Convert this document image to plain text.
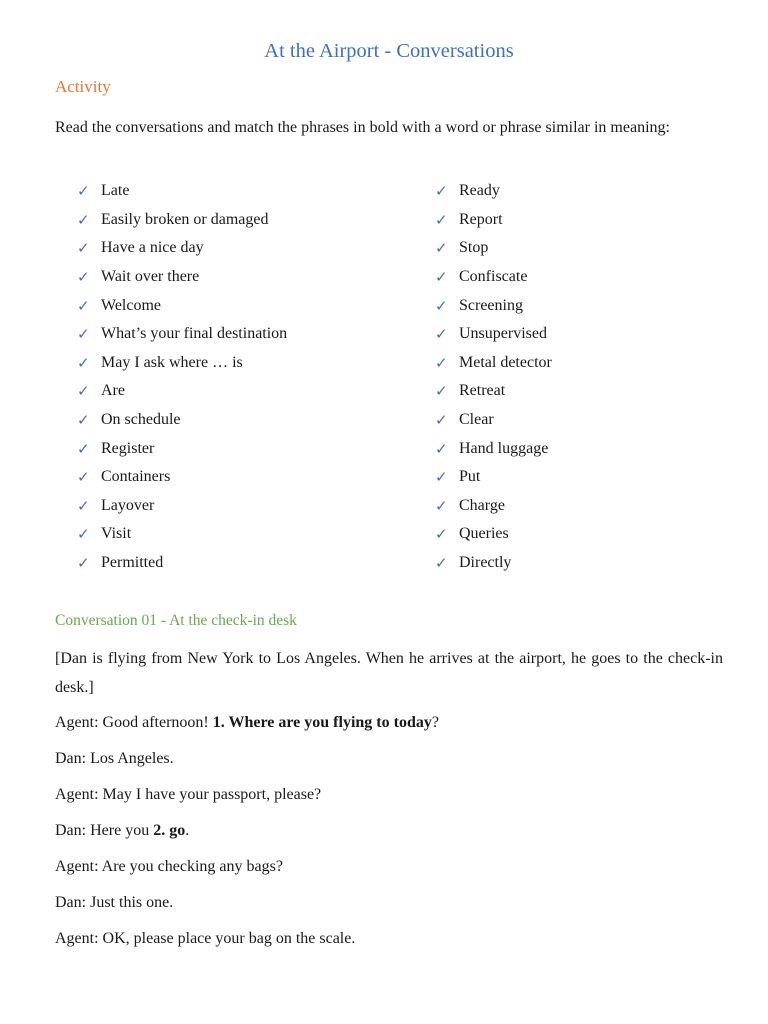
At the Airport - Conversations
Activity
Read the conversations and match the phrases in bold with a word or phrase similar in meaning:
✓ Late
✓ Easily broken or damaged
✓ Have a nice day
✓ Wait over there
✓ Welcome
✓ What’s your final destination
✓ May I ask where … is
✓ Are
✓ On schedule
✓ Register
✓ Containers
✓ Layover
✓ Visit
✓ Permitted
✓ Ready
✓ Report
✓ Stop
✓ Confiscate
✓ Screening
✓ Unsupervised
✓ Metal detector
✓ Retreat
✓ Clear
✓ Hand luggage
✓ Put
✓ Charge
✓ Queries
✓ Directly
Conversation 01 - At the check-in desk
[Dan is flying from New York to Los Angeles. When he arrives at the airport, he goes to the check-in desk.]
Agent: Good afternoon! 1. Where are you flying to today?
Dan: Los Angeles.
Agent: May I have your passport, please?
Dan: Here you 2. go.
Agent: Are you checking any bags?
Dan: Just this one.
Agent: OK, please place your bag on the scale.
